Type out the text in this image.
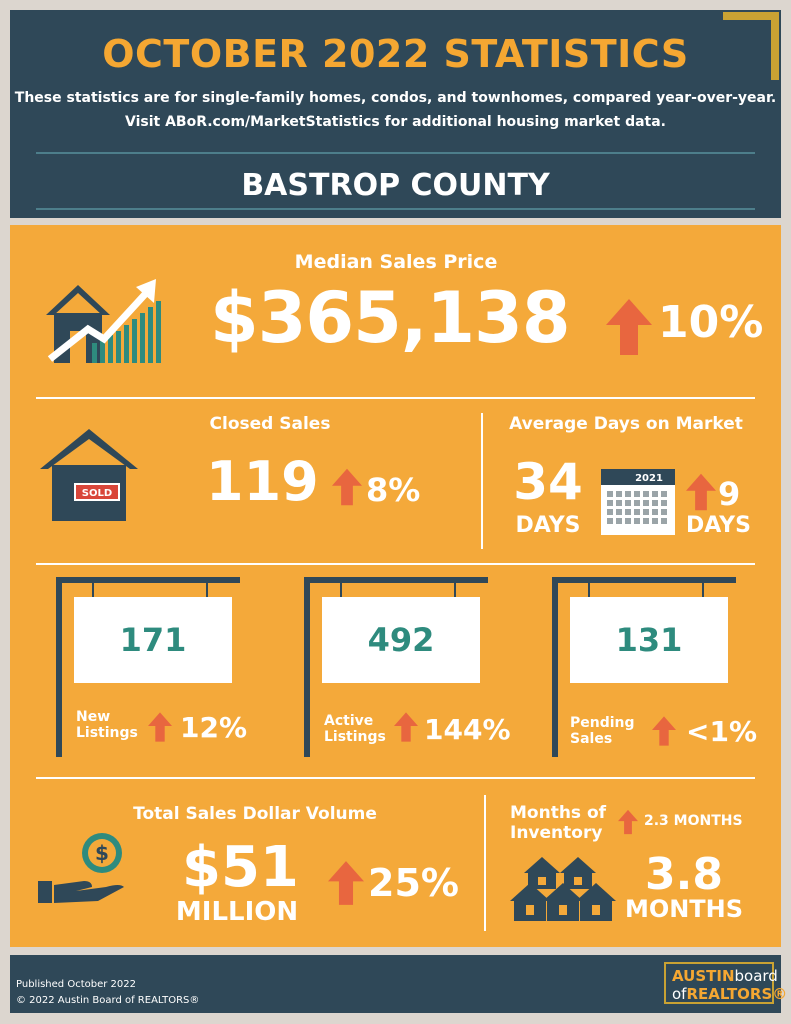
OCTOBER 2022 STATISTICS
These statistics are for single-family homes, condos, and townhomes, compared year-over-year.
Visit ABoR.com/MarketStatistics for additional housing market data.
BASTROP COUNTY
Median Sales Price
$365,138 10%
Closed Sales
SOLD 119 8%
Average Days on Market
34
DAYS
2021 9
DAYS
171
New
Listings 12%
492
Active
Listings 144%
131
Pending
Sales	<1%
Total Sales Dollar Volume
$ $51
MILLION
25%
Months of
Inventory
2.3 MONTHS
3.8
MONTHS
Published October 2022
© 2022 Austin Board of REALTORS®
AUSTINboard
ofREALTORS®
